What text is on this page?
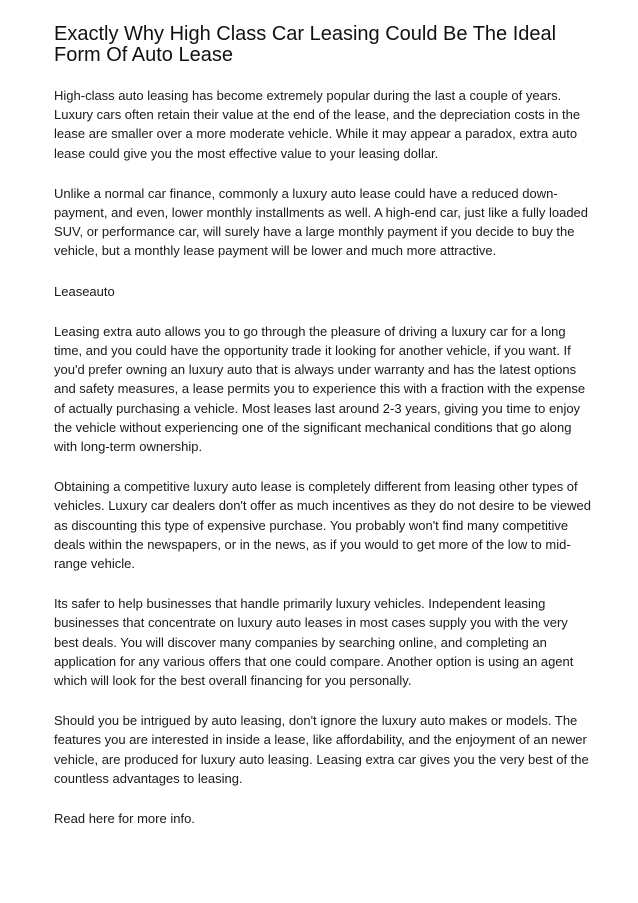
Exactly Why High Class Car Leasing Could Be The Ideal Form Of Auto Lease

High-class auto leasing has become extremely popular during the last a couple of years. Luxury cars often retain their value at the end of the lease, and the depreciation costs in the lease are smaller over a more moderate vehicle. While it may appear a paradox, extra auto lease could give you the most effective value to your leasing dollar.

Unlike a normal car finance, commonly a luxury auto lease could have a reduced down-payment, and even, lower monthly installments as well. A high-end car, just like a fully loaded SUV, or performance car, will surely have a large monthly payment if you decide to buy the vehicle, but a monthly lease payment will be lower and much more attractive.

Leaseauto

Leasing extra auto allows you to go through the pleasure of driving a luxury car for a long time, and you could have the opportunity trade it looking for another vehicle, if you want. If you'd prefer owning an luxury auto that is always under warranty and has the latest options and safety measures, a lease permits you to experience this with a fraction with the expense of actually purchasing a vehicle. Most leases last around 2-3 years, giving you time to enjoy the vehicle without experiencing one of the significant mechanical conditions that go along with long-term ownership.

Obtaining a competitive luxury auto lease is completely different from leasing other types of vehicles. Luxury car dealers don't offer as much incentives as they do not desire to be viewed as discounting this type of expensive purchase. You probably won't find many competitive deals within the newspapers, or in the news, as if you would to get more of the low to mid-range vehicle.

Its safer to help businesses that handle primarily luxury vehicles. Independent leasing businesses that concentrate on luxury auto leases in most cases supply you with the very best deals. You will discover many companies by searching online, and completing an application for any various offers that one could compare. Another option is using an agent which will look for the best overall financing for you personally.

Should you be intrigued by auto leasing, don't ignore the luxury auto makes or models. The features you are interested in inside a lease, like affordability, and the enjoyment of an newer vehicle, are produced for luxury auto leasing. Leasing extra car gives you the very best of the countless advantages to leasing.

Read here for more info.
